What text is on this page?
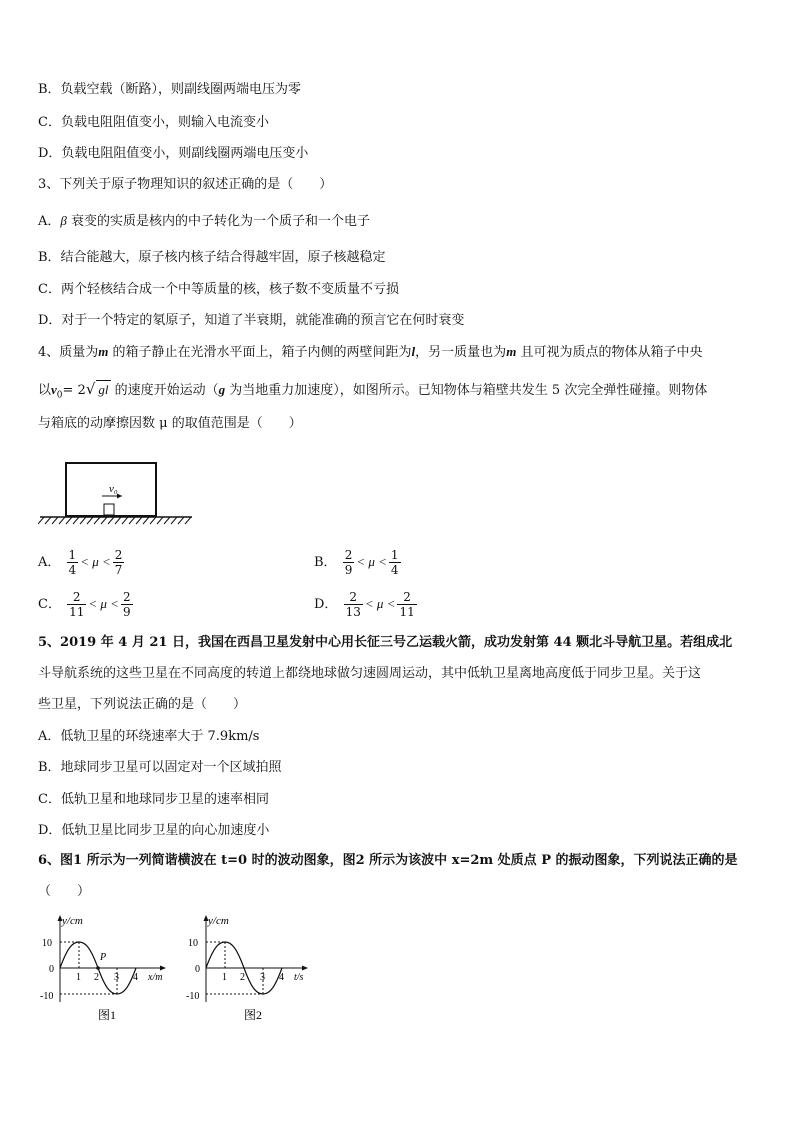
B．负载空载（断路），则副线圈两端电压为零
C．负载电阻阻值变小，则输入电流变小
D．负载电阻阻值变小，则副线圈两端电压变小
3、下列关于原子物理知识的叙述正确的是（　　）
A．β 衰变的实质是核内的中子转化为一个质子和一个电子
B．结合能越大，原子核内核子结合得越牢固，原子核越稳定
C．两个轻核结合成一个中等质量的核，核子数不变质量不亏损
D．对于一个特定的氡原子，知道了半衰期，就能准确的预言它在何时衰变
4、质量为m 的箱子静止在光滑水平面上，箱子内侧的两壁间距为l，另一质量也为m 且可视为质点的物体从箱子中央
以$v_0= 2√$ gl 的速度开始运动（g 为当地重力加速度），如图所示。已知物体与箱壁共发生 5 次完全弹性碰撞。则物体
与箱底的动摩擦因数 μ 的取值范围是（　　）
v₀
A． $\frac{1}{4} < \mu < \frac{2}{7}$	B． $\frac{2}{9} < \mu < \frac{1}{4}$
C． $\frac{2}{11} < \mu < \frac{2}{9}$	D． $\frac{2}{13} < \mu < \frac{2}{11}$
5、2019 年 4 月 21 日，我国在西昌卫星发射中心用长征三号乙运载火箭，成功发射第 44 颗北斗导航卫星。若组成北
斗导航系统的这些卫星在不同高度的转道上都绕地球做匀速圆周运动，其中低轨卫星离地高度低于同步卫星。关于这
些卫星，下列说法正确的是（　　）
A．低轨卫星的环绕速率大于 7.9km/s
B．地球同步卫星可以固定对一个区域拍照
C．低轨卫星和地球同步卫星的速率相同
D．低轨卫星比同步卫星的向心加速度小
6、图1 所示为一列简谐横波在 t=0 时的波动图象，图2 所示为该波中 x=2m 处质点 P 的振动图象，下列说法正确的是
（　　）
y/cm
10
0
-10
1 2 3 4
P
x/m
图1
y/cm
10
0
-10
1 2 3 4 t/s
图2
